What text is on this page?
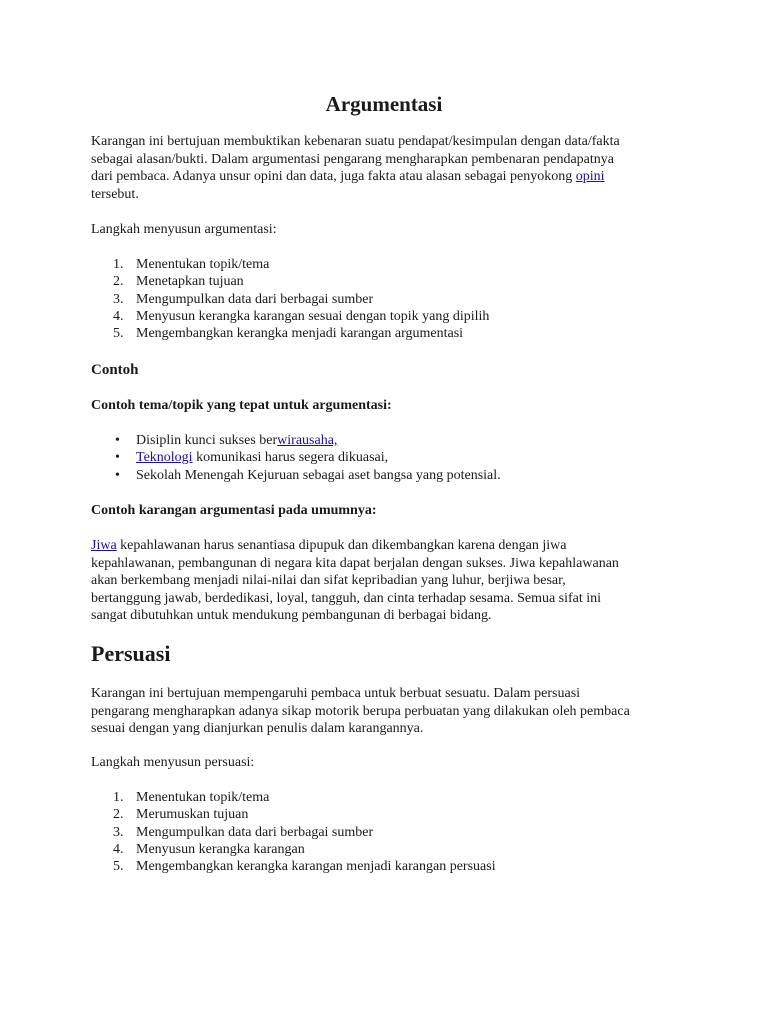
Argumentasi
Karangan ini bertujuan membuktikan kebenaran suatu pendapat/kesimpulan dengan data/fakta
sebagai alasan/bukti. Dalam argumentasi pengarang mengharapkan pembenaran pendapatnya
dari pembaca. Adanya unsur opini dan data, juga fakta atau alasan sebagai penyokong opini
tersebut.
Langkah menyusun argumentasi:
1. Menentukan topik/tema
2. Menetapkan tujuan
3. Mengumpulkan data dari berbagai sumber
4. Menyusun kerangka karangan sesuai dengan topik yang dipilih
5. Mengembangkan kerangka menjadi karangan argumentasi
Contoh
Contoh tema/topik yang tepat untuk argumentasi:
• Disiplin kunci sukses berwirausaha,
• Teknologi komunikasi harus segera dikuasai,
• Sekolah Menengah Kejuruan sebagai aset bangsa yang potensial.
Contoh karangan argumentasi pada umumnya:
Jiwa kepahlawanan harus senantiasa dipupuk dan dikembangkan karena dengan jiwa
kepahlawanan, pembangunan di negara kita dapat berjalan dengan sukses. Jiwa kepahlawanan
akan berkembang menjadi nilai-nilai dan sifat kepribadian yang luhur, berjiwa besar,
bertanggung jawab, berdedikasi, loyal, tangguh, dan cinta terhadap sesama. Semua sifat ini
sangat dibutuhkan untuk mendukung pembangunan di berbagai bidang.
Persuasi
Karangan ini bertujuan mempengaruhi pembaca untuk berbuat sesuatu. Dalam persuasi
pengarang mengharapkan adanya sikap motorik berupa perbuatan yang dilakukan oleh pembaca
sesuai dengan yang dianjurkan penulis dalam karangannya.
Langkah menyusun persuasi:
1. Menentukan topik/tema
2. Merumuskan tujuan
3. Mengumpulkan data dari berbagai sumber
4. Menyusun kerangka karangan
5. Mengembangkan kerangka karangan menjadi karangan persuasi
